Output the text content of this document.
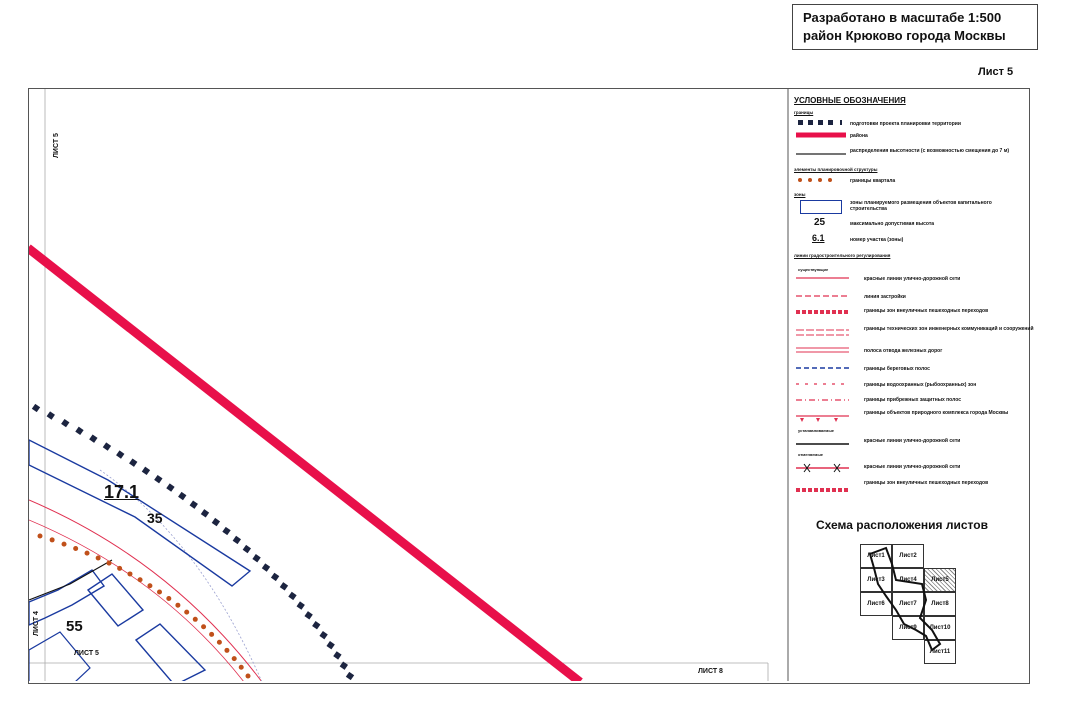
Разработано в масштабе 1:500
район Крюково города Москвы
Лист 5
ЛИСТ 5
ЛИСТ 4
ЛИСТ 5
ЛИСТ 8
17.1
35
55
УСЛОВНЫЕ ОБОЗНАЧЕНИЯ
границы
подготовки проекта планировки территории
района
распределения высотности (с возможностью смещения до 7 м)
элементы планировочной структуры
границы квартала
зоны
зоны планируемого размещения объектов капитального строительства
25	максимально допустимая высота
6.1	номер участка (зоны)
линии градостроительного регулирования
существующие
красные линии улично-дорожной сети
линия застройки
границы зон внеуличных пешеходных переходов
границы технических зон инженерных коммуникаций и сооружений
полоса отвода железных дорог
границы береговых полос
границы водоохранных (рыбоохранных) зон
границы прибрежных защитных полос
границы объектов природного комплекса города Москвы
устанавливаемые
красные линии улично-дорожной сети
отменяемые
красные линии улично-дорожной сети
границы зон внеуличных пешеходных переходов
Схема расположения листов
Лист1	Лист2
Лист3	Лист4	Лист5
Лист6	Лист7	Лист8
Лист9	Лист10
Лист11
